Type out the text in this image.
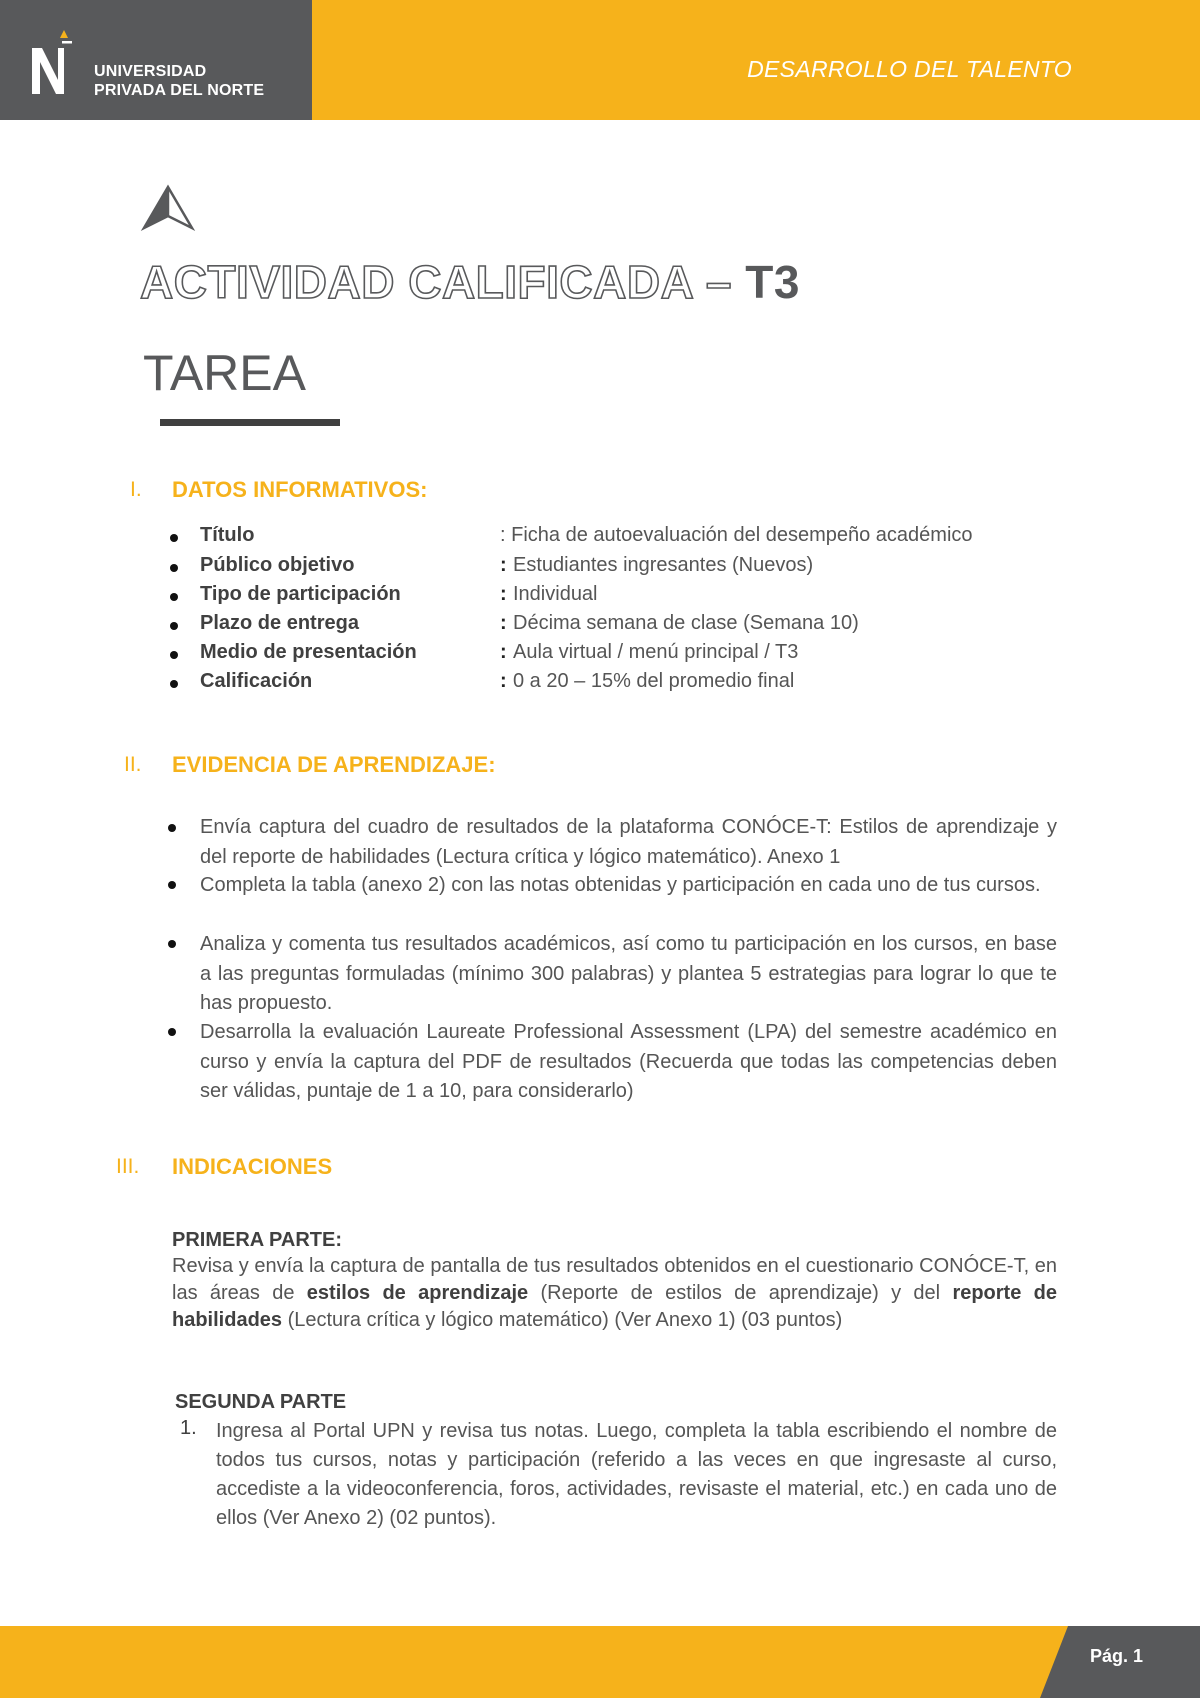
UNIVERSIDAD
PRIVADA DEL NORTE
DESARROLLO DEL TALENTO
ACTIVIDAD CALIFICADA – T3
TAREA
I. DATOS INFORMATIVOS:
Título	: Ficha de autoevaluación del desempeño académico
Público objetivo	: Estudiantes ingresantes (Nuevos)
Tipo de participación	: Individual
Plazo de entrega	: Décima semana de clase (Semana 10)
Medio de presentación	: Aula virtual / menú principal / T3
Calificación	: 0 a 20 – 15% del promedio final
II. EVIDENCIA DE APRENDIZAJE:
Envía captura del cuadro de resultados de la plataforma CONÓCE-T: Estilos de aprendizaje y del reporte de habilidades (Lectura crítica y lógico matemático). Anexo 1
Completa la tabla (anexo 2) con las notas obtenidas y participación en cada uno de tus cursos.
Analiza y comenta tus resultados académicos, así como tu participación en los cursos, en base a las preguntas formuladas (mínimo 300 palabras) y plantea 5 estrategias para lograr lo que te has propuesto.
Desarrolla la evaluación Laureate Professional Assessment (LPA) del semestre académico en curso y envía la captura del PDF de resultados (Recuerda que todas las competencias deben ser válidas, puntaje de 1 a 10, para considerarlo)
III. INDICACIONES
PRIMERA PARTE:
Revisa y envía la captura de pantalla de tus resultados obtenidos en el cuestionario CONÓCE-T, en las áreas de estilos de aprendizaje (Reporte de estilos de aprendizaje) y del reporte de habilidades (Lectura crítica y lógico matemático) (Ver Anexo 1) (03 puntos)
SEGUNDA PARTE
1. Ingresa al Portal UPN y revisa tus notas. Luego, completa la tabla escribiendo el nombre de todos tus cursos, notas y participación (referido a las veces en que ingresaste al curso, accediste a la videoconferencia, foros, actividades, revisaste el material, etc.) en cada uno de ellos (Ver Anexo 2) (02 puntos).
Pág. 1
